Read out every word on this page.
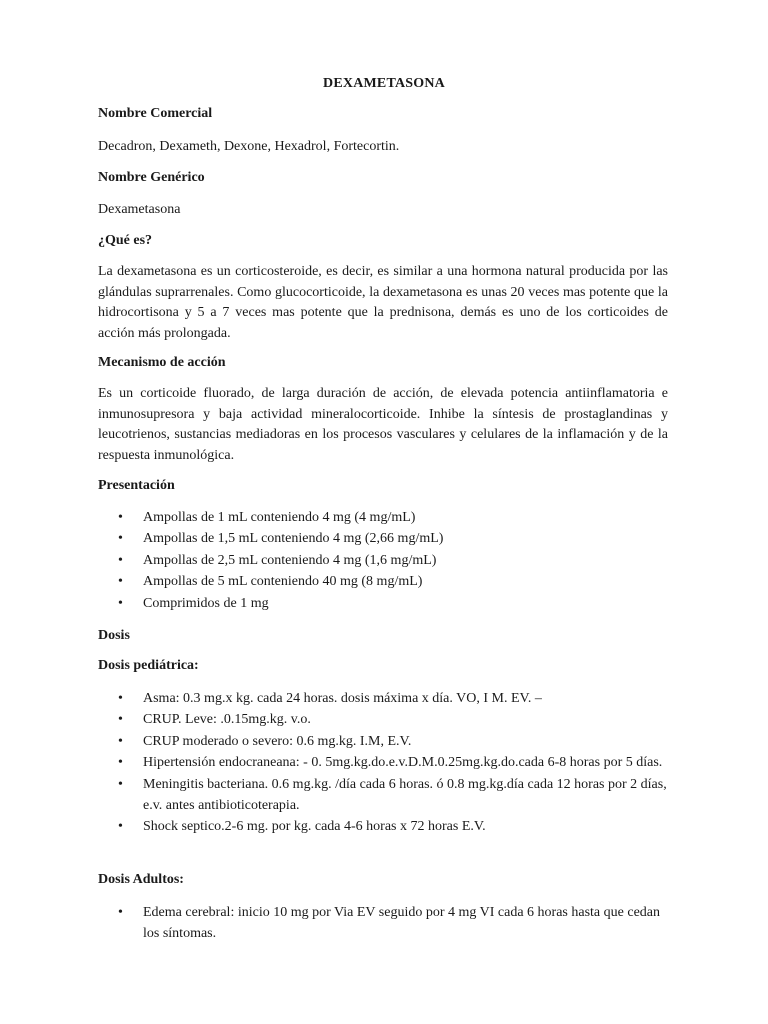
DEXAMETASONA
Nombre Comercial
Decadron, Dexameth, Dexone, Hexadrol, Fortecortin.
Nombre Genérico
Dexametasona
¿Qué es?
La dexametasona es un corticosteroide, es decir, es similar a una hormona natural producida por las glándulas suprarrenales. Como glucocorticoide, la dexametasona es unas 20 veces mas potente que la hidrocortisona y 5 a 7 veces mas potente que la prednisona, demás es uno de los corticoides de acción más prolongada.
Mecanismo de acción
Es un corticoide fluorado, de larga duración de acción, de elevada potencia antiinflamatoria e inmunosupresora y baja actividad mineralocorticoide. Inhibe la síntesis de prostaglandinas y leucotrienos, sustancias mediadoras en los procesos vasculares y celulares de la inflamación y de la respuesta inmunológica.
Presentación
• Ampollas de 1 mL conteniendo 4 mg (4 mg/mL)
• Ampollas de 1,5 mL conteniendo 4 mg (2,66 mg/mL)
• Ampollas de 2,5 mL conteniendo 4 mg (1,6 mg/mL)
• Ampollas de 5 mL conteniendo 40 mg (8 mg/mL)
• Comprimidos de 1 mg
Dosis
Dosis pediátrica:
• Asma: 0.3 mg.x kg. cada 24 horas. dosis máxima x día. VO, I M. EV. –
• CRUP. Leve: .0.15mg.kg. v.o.
• CRUP moderado o severo: 0.6 mg.kg. I.M, E.V.
• Hipertensión endocraneana: - 0. 5mg.kg.do.e.v.D.M.0.25mg.kg.do.cada 6-8 horas por 5 días.
• Meningitis bacteriana. 0.6 mg.kg. /día cada 6 horas. ó 0.8 mg.kg.día cada 12 horas por 2 días, e.v. antes antibioticoterapia.
• Shock septico.2-6 mg. por kg. cada 4-6 horas x 72 horas E.V.
Dosis Adultos:
• Edema cerebral: inicio 10 mg por Via EV seguido por 4 mg VI cada 6 horas hasta que cedan los síntomas.
